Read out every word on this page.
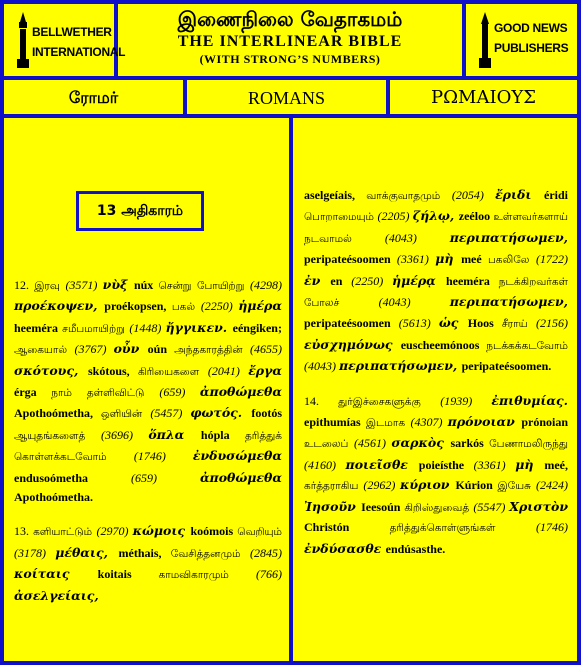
BELLWETHER
INTERNATIONAL
இணைநிலை வேதாகமம்
THE INTERLINEAR BIBLE
(WITH STRONG’S NUMBERS)
GOOD NEWS
PUBLISHERS
ரோமர்	ROMANS	ΡΩΜΑΙΟΥΣ
13 அதிகாரம்

12. இரவு (3571) νὺξ núx சென்று போயிற்று (4298) προέκοψεν, proékopsen, பகல் (2250) ἡμέρα heeméra சமீபமாயிற்று (1448) ἤγγικεν. eéngiken; ஆகையால் (3767) οὖν oún அந்தகாரத்தின் (4655) σκότους, skótous, கிரியைகளை (2041) ἔργα érga நாம் தள்ளிவிட்டு (659) ἀποθώμεθα Apothoómetha, ஒளியின் (5457) φωτός. footós ஆயுதங்களைத் (3696) ὅπλα hópla தரித்துக் கொள்ளக்கடவோம் (1746) ἐνδυσώμεθα endusoómetha (659) ἀποθώμεθα Apothoómetha.

13. களியாட்டும் (2970) κώμοις koómois வெறியும் (3178) μέθαις, méthais, வேசித்தனமும் (2845) κοίταις koitais காமவிகாரமும் (766) ἀσελγείαις,

aselgeíais, வாக்குவாதமும் (2054) ἔριδι éridi பொறாமையும் (2205) ζήλῳ, zeéloo உள்ளவர்களாய் நடவாமல் (4043) περιπατήσωμεν, peripateésoomen (3361) μὴ meé பகலிலே (1722) ἐν en (2250) ἡμέρᾳ heeméra நடக்கிறவர்கள் போலச் (4043) περιπατήσωμεν, peripateésoomen (5613) ὡς Hoos சீராய் (2156) εὐσχημόνως euscheemónoos நடக்கக்கடவோம் (4043) περιπατήσωμεν, peripateésoomen.

14. துர்இச்சைகளுக்கு (1939) ἐπιθυμίας. epithumías இடமாக (4307) πρόνοιαν prónoian உடலைப் (4561) σαρκὸς sarkós பேணாமலிருந்து (4160) ποιεῖσθε poieísthe (3361) μὴ meé, கர்த்தராகிய (2962) κύριον Kúrion இயேசு (2424) Ἰησοῦν Ieesoún கிறிஸ்துவைத் (5547) Χριστὸν Christón தரித்துக்கொள்ளுங்கள் (1746) ἐνδύσασθε endúsasthe.
